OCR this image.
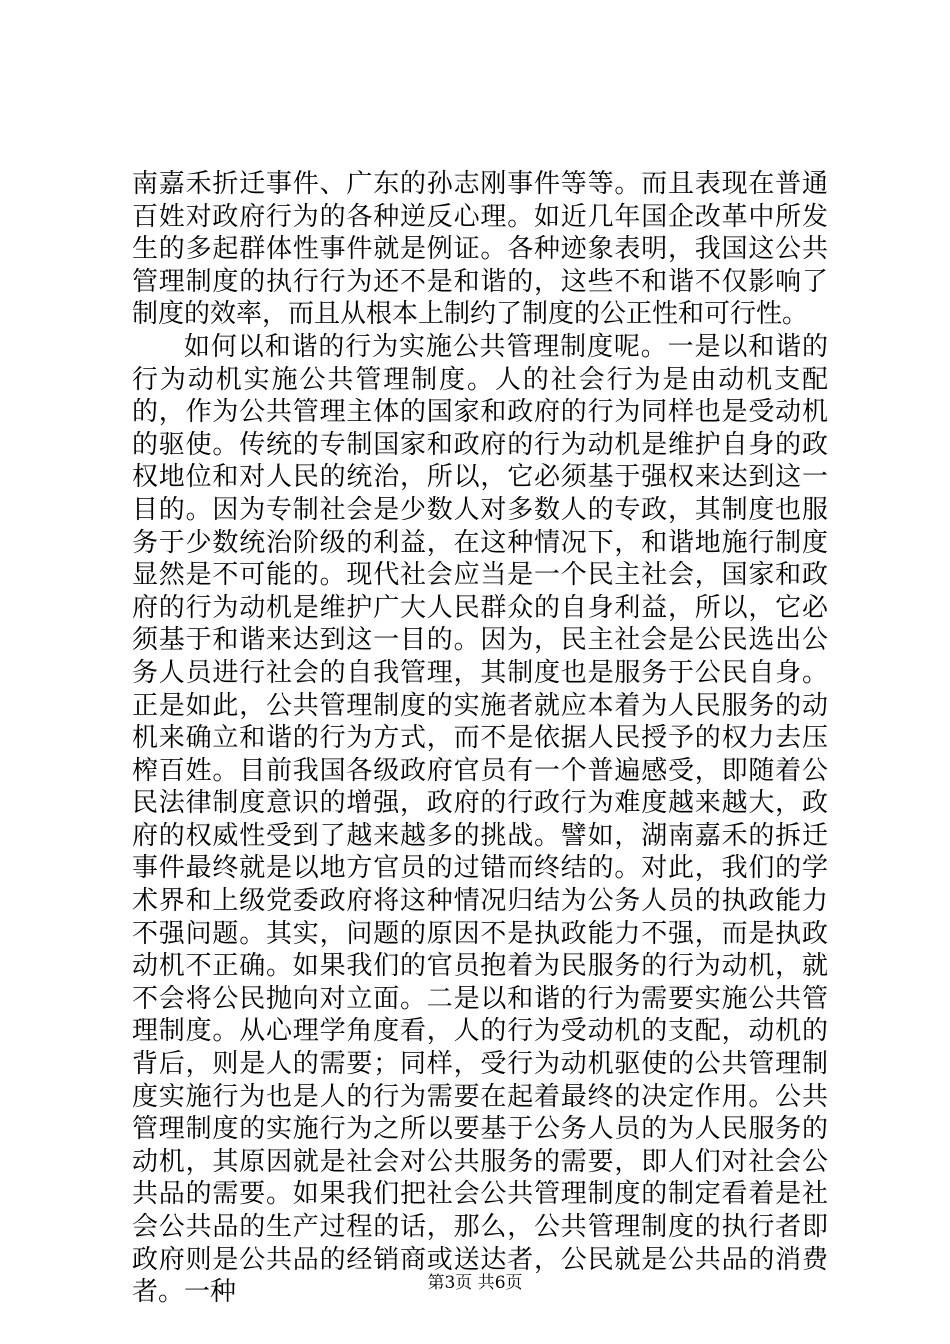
南嘉禾折迁事件、广东的孙志刚事件等等。而且表现在普通百姓对政府行为的各种逆反心理。如近几年国企改革中所发生的多起群体性事件就是例证。各种迹象表明，我国这公共管理制度的执行行为还不是和谐的，这些不和谐不仅影响了制度的效率，而且从根本上制约了制度的公正性和可行性。

如何以和谐的行为实施公共管理制度呢。一是以和谐的行为动机实施公共管理制度。人的社会行为是由动机支配的，作为公共管理主体的国家和政府的行为同样也是受动机的驱使。传统的专制国家和政府的行为动机是维护自身的政权地位和对人民的统治，所以，它必须基于强权来达到这一目的。因为专制社会是少数人对多数人的专政，其制度也服务于少数统治阶级的利益，在这种情况下，和谐地施行制度显然是不可能的。现代社会应当是一个民主社会，国家和政府的行为动机是维护广大人民群众的自身利益，所以，它必须基于和谐来达到这一目的。因为，民主社会是公民选出公务人员进行社会的自我管理，其制度也是服务于公民自身。正是如此，公共管理制度的实施者就应本着为人民服务的动机来确立和谐的行为方式，而不是依据人民授予的权力去压榨百姓。目前我国各级政府官员有一个普遍感受，即随着公民法律制度意识的增强，政府的行政行为难度越来越大，政府的权威性受到了越来越多的挑战。譬如，湖南嘉禾的拆迁事件最终就是以地方官员的过错而终结的。对此，我们的学术界和上级党委政府将这种情况归结为公务人员的执政能力不强问题。其实，问题的原因不是执政能力不强，而是执政动机不正确。如果我们的官员抱着为民服务的行为动机，就不会将公民抛向对立面。二是以和谐的行为需要实施公共管理制度。从心理学角度看，人的行为受动机的支配，动机的背后，则是人的需要；同样，受行为动机驱使的公共管理制度实施行为也是人的行为需要在起着最终的决定作用。公共管理制度的实施行为之所以要基于公务人员的为人民服务的动机，其原因就是社会对公共服务的需要，即人们对社会公共品的需要。如果我们把社会公共管理制度的制定看着是社会公共品的生产过程的话，那么，公共管理制度的执行者即政府则是公共品的经销商或送达者，公民就是公共品的消费者。一种	第3页 共6页
